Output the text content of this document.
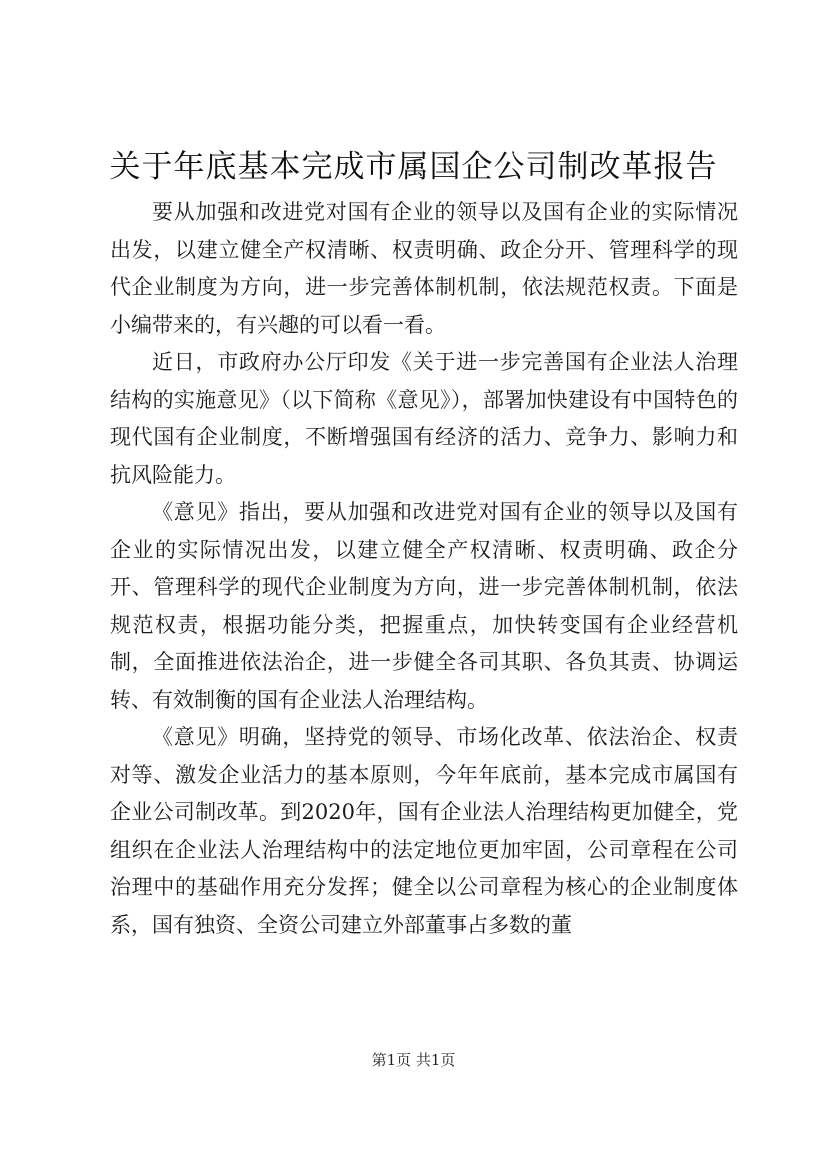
关于年底基本完成市属国企公司制改革报告

要从加强和改进党对国有企业的领导以及国有企业的实际情况出发，以建立健全产权清晰、权责明确、政企分开、管理科学的现代企业制度为方向，进一步完善体制机制，依法规范权责。下面是小编带来的，有兴趣的可以看一看。

近日，市政府办公厅印发《关于进一步完善国有企业法人治理结构的实施意见》（以下简称《意见》），部署加快建设有中国特色的现代国有企业制度，不断增强国有经济的活力、竞争力、影响力和抗风险能力。

《意见》指出，要从加强和改进党对国有企业的领导以及国有企业的实际情况出发，以建立健全产权清晰、权责明确、政企分开、管理科学的现代企业制度为方向，进一步完善体制机制，依法规范权责，根据功能分类，把握重点，加快转变国有企业经营机制，全面推进依法治企，进一步健全各司其职、各负其责、协调运转、有效制衡的国有企业法人治理结构。

《意见》明确，坚持党的领导、市场化改革、依法治企、权责对等、激发企业活力的基本原则，今年年底前，基本完成市属国有企业公司制改革。到2020年，国有企业法人治理结构更加健全，党组织在企业法人治理结构中的法定地位更加牢固，公司章程在公司治理中的基础作用充分发挥；健全以公司章程为核心的企业制度体系，国有独资、全资公司建立外部董事占多数的董

第1页 共1页
